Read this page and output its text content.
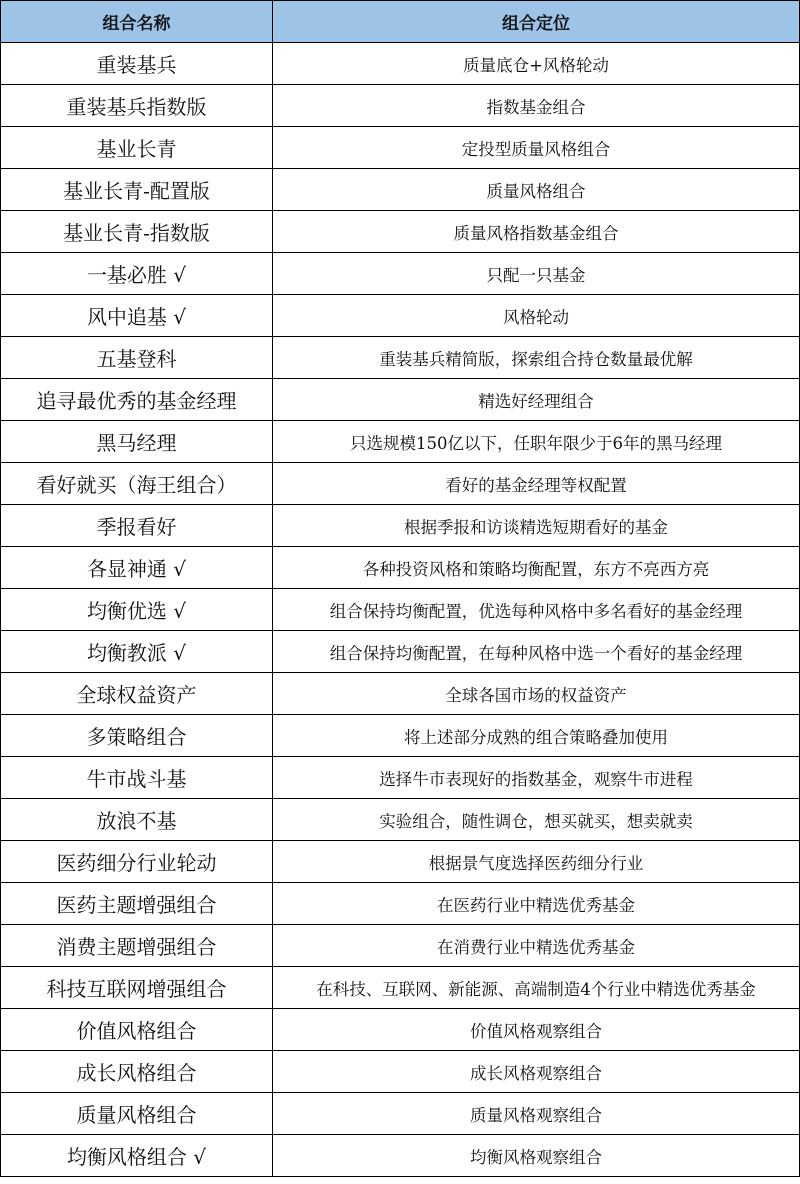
组合名称	组合定位
重装基兵	质量底仓+风格轮动
重装基兵指数版	指数基金组合
基业长青	定投型质量风格组合
基业长青-配置版	质量风格组合
基业长青-指数版	质量风格指数基金组合
一基必胜 √	只配一只基金
风中追基 √	风格轮动
五基登科	重装基兵精简版，探索组合持仓数量最优解
追寻最优秀的基金经理	精选好经理组合
黑马经理	只选规模150亿以下，任职年限少于6年的黑马经理
看好就买（海王组合）	看好的基金经理等权配置
季报看好	根据季报和访谈精选短期看好的基金
各显神通 √	各种投资风格和策略均衡配置，东方不亮西方亮
均衡优选 √	组合保持均衡配置，优选每种风格中多名看好的基金经理
均衡教派 √	组合保持均衡配置，在每种风格中选一个看好的基金经理
全球权益资产	全球各国市场的权益资产
多策略组合	将上述部分成熟的组合策略叠加使用
牛市战斗基	选择牛市表现好的指数基金，观察牛市进程
放浪不基	实验组合，随性调仓，想买就买，想卖就卖
医药细分行业轮动	根据景气度选择医药细分行业
医药主题增强组合	在医药行业中精选优秀基金
消费主题增强组合	在消费行业中精选优秀基金
科技互联网增强组合	在科技、互联网、新能源、高端制造4个行业中精选优秀基金
价值风格组合	价值风格观察组合
成长风格组合	成长风格观察组合
质量风格组合	质量风格观察组合
均衡风格组合 √	均衡风格观察组合
